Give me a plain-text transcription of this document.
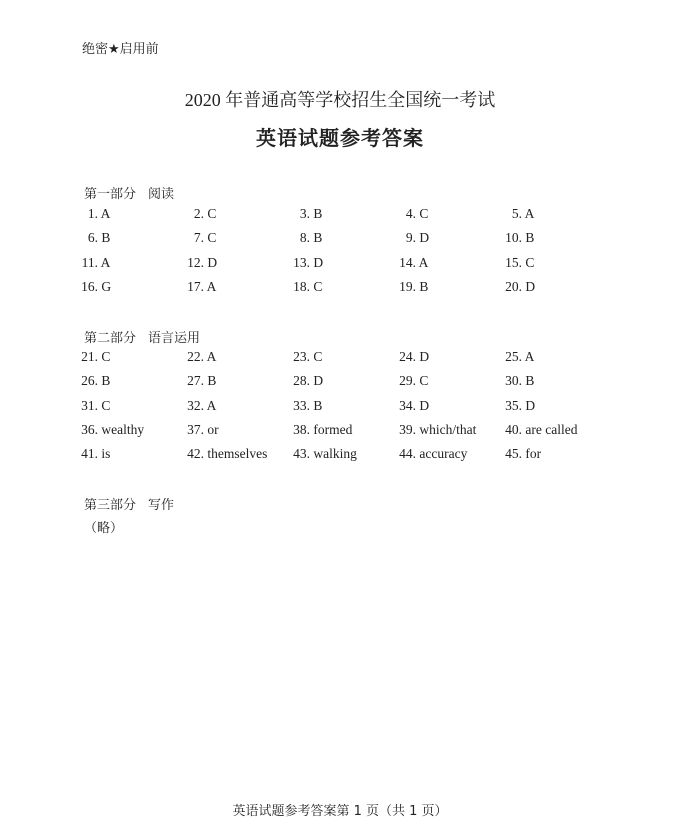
绝密★启用前
2020 年普通高等学校招生全国统一考试
英语试题参考答案
第一部分 阅读
1. A	2. C	3. B	4. C	5. A
6. B	7. C	8. B	9. D	10. B
11. A	12. D	13. D	14. A	15. C
16. G	17. A	18. C	19. B	20. D
第二部分 语言运用
21. C	22. A	23. C	24. D	25. A
26. B	27. B	28. D	29. C	30. B
31. C	32. A	33. B	34. D	35. D
36. wealthy	37. or	38. formed	39. which/that 40. are called
41. is	42. themselves 43. walking	44. accuracy	45. for
第三部分 写作
（略）
英语试题参考答案第 1 页（共 1 页）
